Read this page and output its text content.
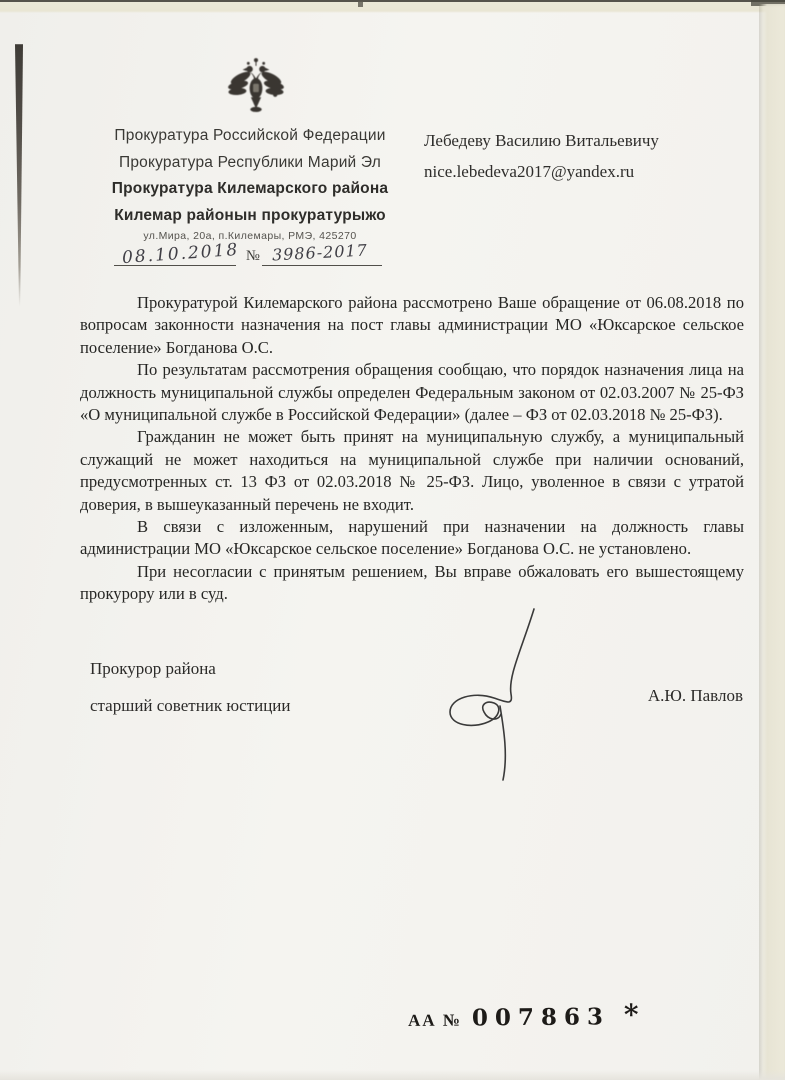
Прокуратура Российской Федерации
Прокуратура Республики Марий Эл
Прокуратура Килемарского района
Килемар районын прокуратурыжо
ул.Мира, 20а, п.Килемары, РМЭ, 425270
08.10.2018 № 3986-2017
Лебедеву Василию Витальевичу
nice.lebedeva2017@yandex.ru

Прокуратурой Килемарского района рассмотрено Ваше обращение от 06.08.2018 по вопросам законности назначения на пост главы администрации МО «Юксарское сельское поселение» Богданова О.С.

По результатам рассмотрения обращения сообщаю, что порядок назначения лица на должность муниципальной службы определен Федеральным законом от 02.03.2007 № 25-ФЗ «О муниципальной службе в Российской Федерации» (далее – ФЗ от 02.03.2018 № 25-ФЗ).

Гражданин не может быть принят на муниципальную службу, а муниципальный служащий не может находиться на муниципальной службе при наличии оснований, предусмотренных ст. 13 ФЗ от 02.03.2018 № 25-ФЗ. Лицо, уволенное в связи с утратой доверия, в вышеуказанный перечень не входит.

В связи с изложенным, нарушений при назначении на должность главы администрации МО «Юксарское сельское поселение» Богданова О.С. не установлено.

При несогласии с принятым решением, Вы вправе обжаловать его вышестоящему прокурору или в суд.

Прокурор района
старший советник юстиции
А.Ю. Павлов
АА № 007863 *
